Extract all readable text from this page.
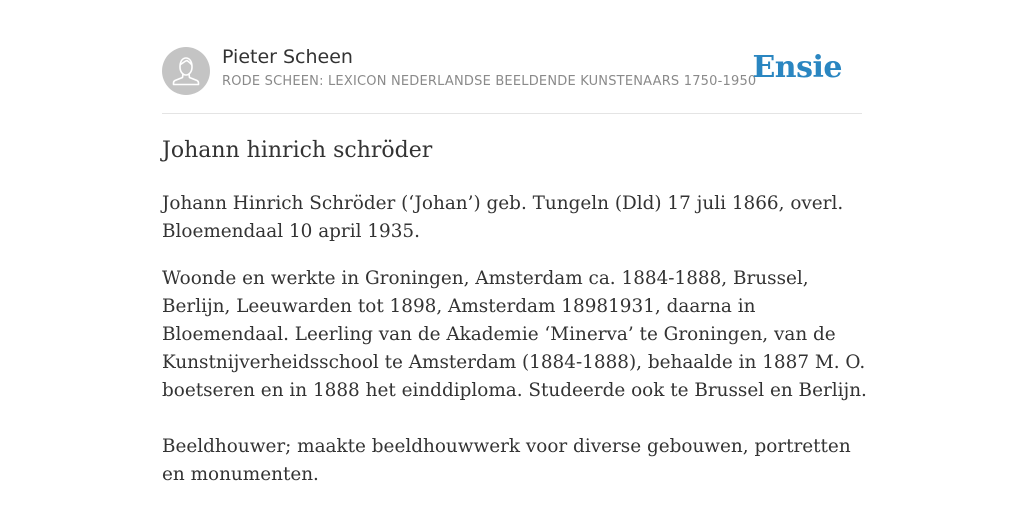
Pieter Scheen
RODE SCHEEN: LEXICON NEDERLANDSE BEELDENDE KUNSTENAARS 1750-1950
Ensie
Johann hinrich schröder

Johann Hinrich Schröder (‘Johan’) geb. Tungeln (Dld) 17 juli 1866, overl. Bloemendaal 10 april 1935.

Woonde en werkte in Groningen, Amsterdam ca. 1884-1888, Brussel, Berlijn, Leeuwarden tot 1898, Amsterdam 18981931, daarna in Bloemendaal. Leerling van de Akademie ‘Minerva’ te Groningen, van de Kunstnijverheidsschool te Amsterdam (1884-1888), behaalde in 1887 M. O. boetseren en in 1888 het einddiploma. Studeerde ook te Brussel en Berlijn.

Beeldhouwer; maakte beeldhouwwerk voor diverse gebouwen, portretten en monumenten.
